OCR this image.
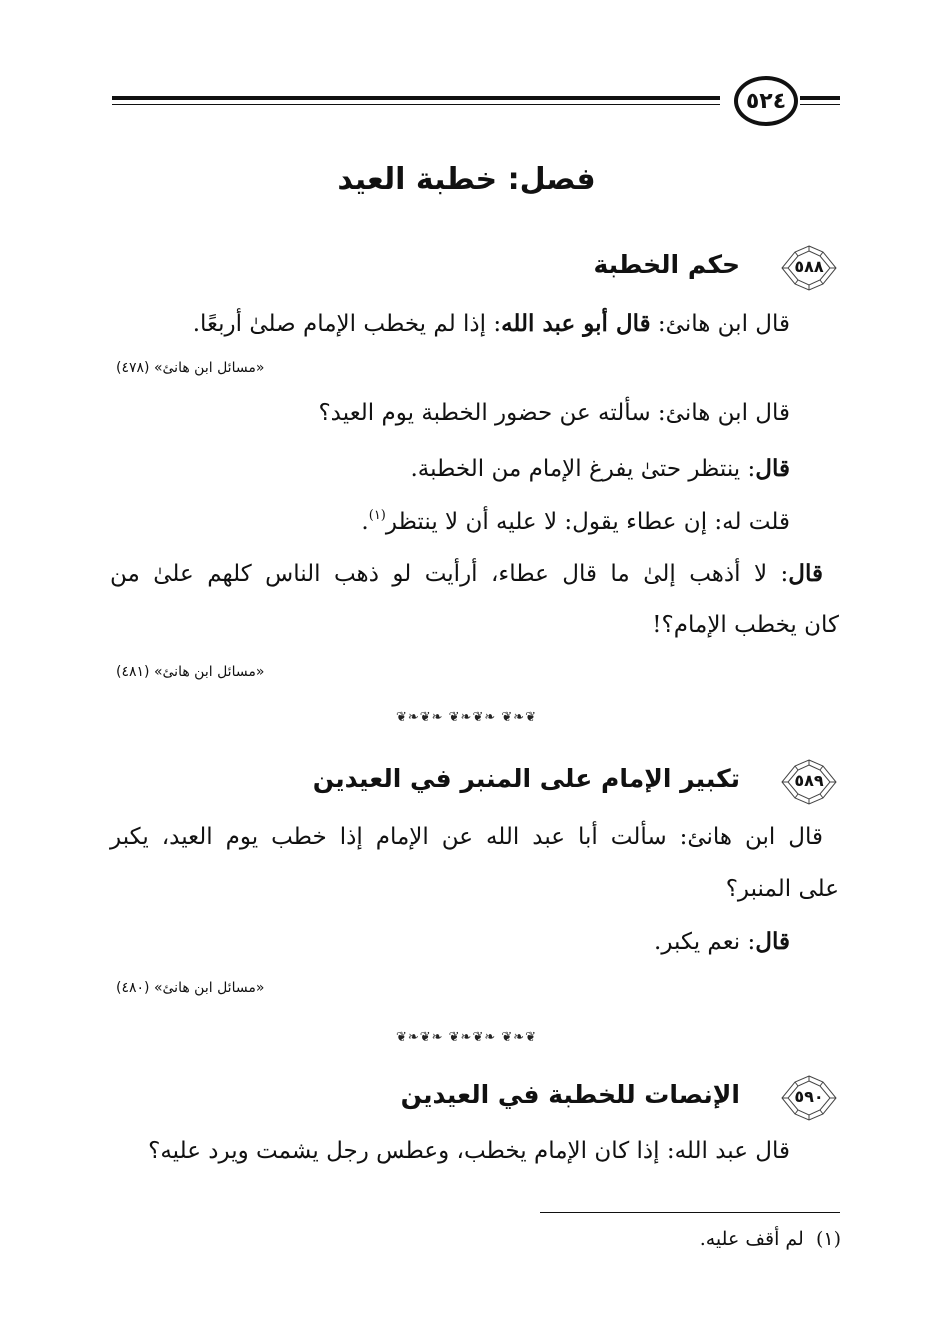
٥٢٤
فصل: خطبة العيد
٥٨٨
حكم الخطبة
قال ابن هانئ: قال أبو عبد الله: إذا لم يخطب الإمام صلىٰ أربعًا.
«مسائل ابن هانئ» (٤٧٨)
قال ابن هانئ: سألته عن حضور الخطبة يوم العيد؟
قال: ينتظر حتىٰ يفرغ الإمام من الخطبة.
قلت له: إن عطاء يقول: لا عليه أن لا ينتظر$^{(١)}$.
قال: لا أذهب إلىٰ ما قال عطاء، أرأيت لو ذهب الناس كلهم علىٰ من
كان يخطب الإمام؟!
«مسائل ابن هانئ» (٤٨١)
❦❧❦❧ ❦❧❦❧ ❦❧❦
٥٨٩
تكبير الإمام على المنبر في العيدين
قال ابن هانئ: سألت أبا عبد الله عن الإمام إذا خطب يوم العيد، يكبر
على المنبر؟
قال: نعم يكبر.
«مسائل ابن هانئ» (٤٨٠)
❦❧❦❧ ❦❧❦❧ ❦❧❦
٥٩٠
الإنصات للخطبة في العيدين
قال عبد الله: إذا كان الإمام يخطب، وعطس رجل يشمت ويرد عليه؟
(١)  لم أقف عليه.
